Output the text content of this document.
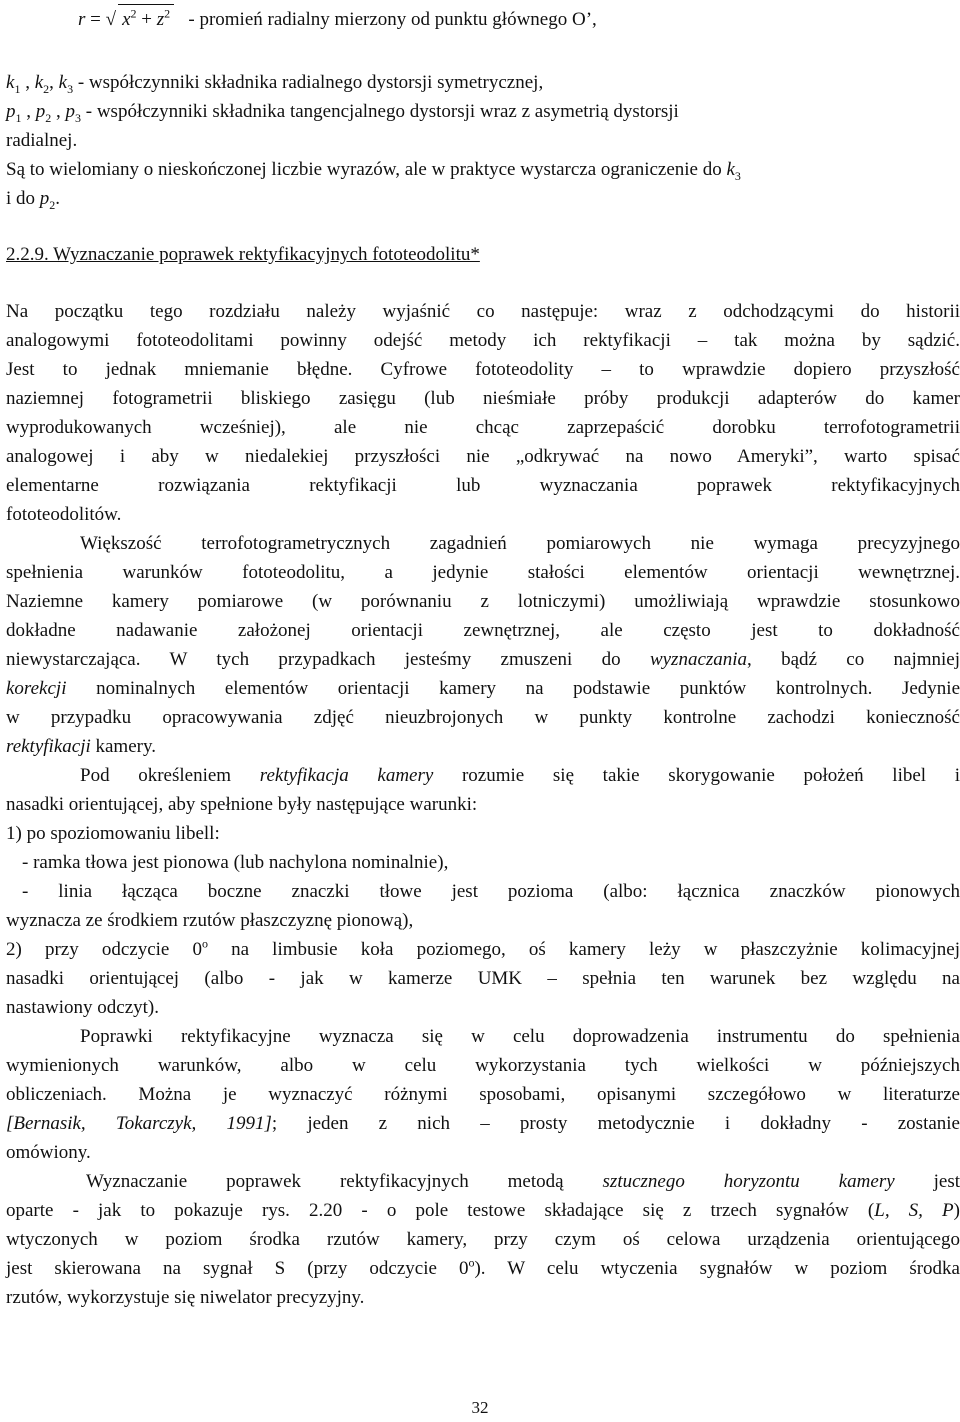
r = √ $x^2 + z^2$ - promień radialny mierzony od punktu głównego O’,
$k_1$ , $k_2$, $k_3$ - współczynniki składnika radialnego dystorsji symetrycznej,
$p_1$ , $p_2$ , $p_3$ - współczynniki składnika tangencjalnego dystorsji wraz z asymetrią dystorsji
radialnej.
Są to wielomiany o nieskończonej liczbie wyrazów, ale w praktyce wystarcza ograniczenie do $k_3$
i do $p_2$.
2.2.9. Wyznaczanie poprawek rektyfikacyjnych fototeodolitu*
Na początku tego rozdziału należy wyjaśnić co następuje: wraz z odchodzącymi do historii
analogowymi fototeodolitami powinny odejść metody ich rektyfikacji – tak można by sądzić.
Jest to jednak mniemanie błędne. Cyfrowe fototeodolity – to wprawdzie dopiero przyszłość
naziemnej fotogrametrii bliskiego zasięgu (lub nieśmiałe próby produkcji adapterów do kamer
wyprodukowanych wcześniej), ale nie chcąc zaprzepaścić dorobku terrofotogrametrii
analogowej i aby w niedalekiej przyszłości nie „odkrywać na nowo Ameryki”, warto spisać
elementarne rozwiązania rektyfikacji lub wyznaczania poprawek rektyfikacyjnych
fototeodolitów.
Większość terrofotogrametrycznych zagadnień pomiarowych nie wymaga precyzyjnego
spełnienia warunków fototeodolitu, a jedynie stałości elementów orientacji wewnętrznej.
Naziemne kamery pomiarowe (w porównaniu z lotniczymi) umożliwiają wprawdzie stosunkowo
dokładne nadawanie założonej orientacji zewnętrznej, ale często jest to dokładność
niewystarczająca. W tych przypadkach jesteśmy zmuszeni do wyznaczania, bądź co najmniej
korekcji nominalnych elementów orientacji kamery na podstawie punktów kontrolnych. Jedynie
w przypadku opracowywania zdjęć nieuzbrojonych w punkty kontrolne zachodzi konieczność
rektyfikacji kamery.
Pod określeniem rektyfikacja kamery rozumie się takie skorygowanie położeń libel i
nasadki orientującej, aby spełnione były następujące warunki:
1) po spoziomowaniu libell:
- ramka tłowa jest pionowa (lub nachylona nominalnie),
- linia łącząca boczne znaczki tłowe jest pozioma (albo: łącznica znaczków pionowych
wyznacza ze środkiem rzutów płaszczyznę pionową),
2) przy odczycie 0$^o$ na limbusie koła poziomego, oś kamery leży w płaszczyżnie kolimacyjnej
nasadki orientującej (albo - jak w kamerze UMK – spełnia ten warunek bez względu na
nastawiony odczyt).
Poprawki rektyfikacyjne wyznacza się w celu doprowadzenia instrumentu do spełnienia
wymienionych warunków, albo w celu wykorzystania tych wielkości w późniejszych
obliczeniach. Można je wyznaczyć różnymi sposobami, opisanymi szczegółowo w literaturze
[Bernasik, Tokarczyk, 1991]; jeden z nich – prosty metodycznie i dokładny - zostanie
omówiony.
Wyznaczanie poprawek rektyfikacyjnych metodą sztucznego horyzontu kamery jest
oparte - jak to pokazuje rys. 2.20 - o pole testowe składające się z trzech sygnałów (L, S, P)
wtyczonych w poziom środka rzutów kamery, przy czym oś celowa urządzenia orientującego
jest skierowana na sygnał S (przy odczycie 0$^o$). W celu wtyczenia sygnałów w poziom środka
rzutów, wykorzystuje się niwelator precyzyjny.
32
